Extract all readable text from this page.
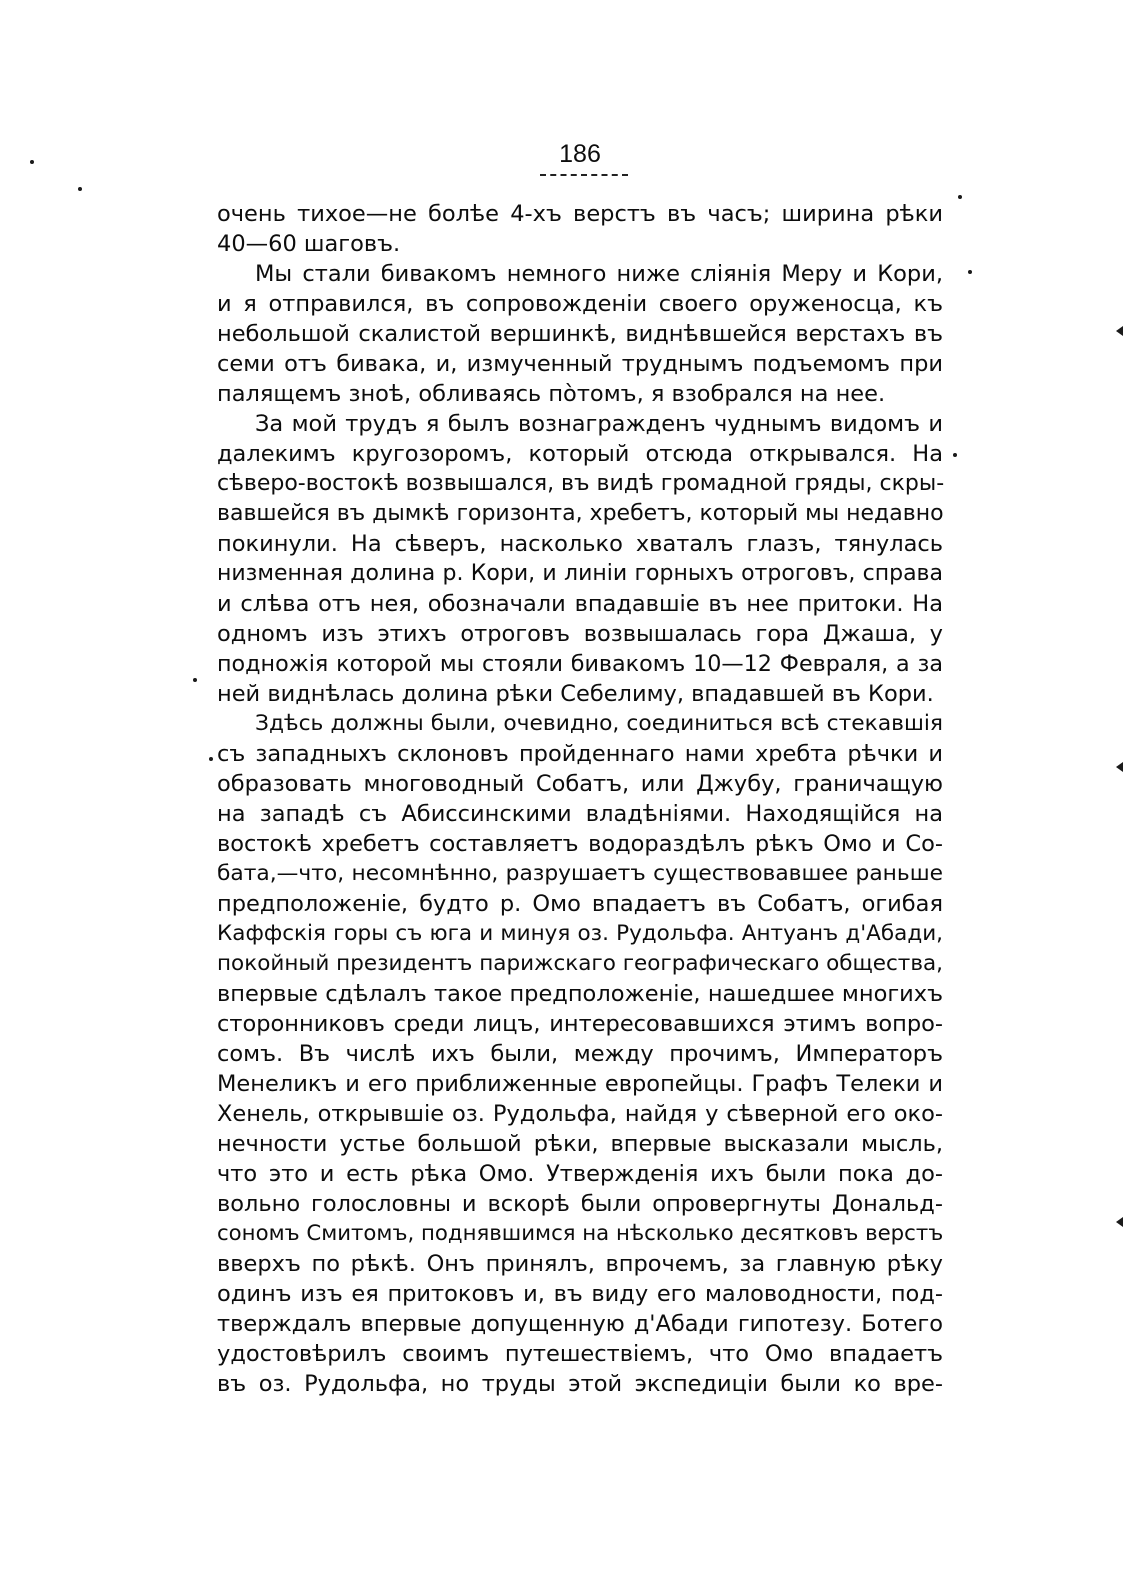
186
очень тихое—не болѣе 4-хъ верстъ въ часъ; ширина рѣки
40—60 шаговъ.
Мы стали бивакомъ немного ниже сліянія Меру и Кори,
и я отправился, въ сопровожденіи своего оруженосца, къ
небольшой скалистой вершинкѣ, виднѣвшейся верстахъ въ
семи отъ бивака, и, измученный труднымъ подъемомъ при
палящемъ зноѣ, обливаясь пòтомъ, я взобрался на нее.
За мой трудъ я былъ вознагражденъ чуднымъ видомъ и
далекимъ кругозоромъ, который отсюда открывался. На
сѣверо-востокѣ возвышался, въ видѣ громадной гряды, скры-
вавшейся въ дымкѣ горизонта, хребетъ, который мы недавно
покинули. На сѣверъ, насколько хваталъ глазъ, тянулась
низменная долина р. Кори, и линіи горныхъ отроговъ, справа
и слѣва отъ нея, обозначали впадавшіе въ нее притоки. На
одномъ изъ этихъ отроговъ возвышалась гора Джаша, у
подножія которой мы стояли бивакомъ 10—12 Февраля, а за
ней виднѣлась долина рѣки Себелиму, впадавшей въ Кори.
Здѣсь должны были, очевидно, соединиться всѣ стекавшія
съ западныхъ склоновъ пройденнаго нами хребта рѣчки и
образовать многоводный Собатъ, или Джубу, граничащую
на западѣ съ Абиссинскими владѣніями. Находящійся на
востокѣ хребетъ составляетъ водораздѣлъ рѣкъ Омо и Со-
бата,—что, несомнѣнно, разрушаетъ существовавшее раньше
предположеніе, будто р. Омо впадаетъ въ Собатъ, огибая
Каффскія горы съ юга и минуя оз. Рудольфа. Антуанъ д'Абади,
покойный президентъ парижскаго географическаго общества,
впервые сдѣлалъ такое предположеніе, нашедшее многихъ
сторонниковъ среди лицъ, интересовавшихся этимъ вопро-
сомъ. Въ числѣ ихъ были, между прочимъ, Императоръ
Менеликъ и его приближенные европейцы. Графъ Телеки и
Хенель, открывшіе оз. Рудольфа, найдя у сѣверной его око-
нечности устье большой рѣки, впервые высказали мысль,
что это и есть рѣка Омо. Утвержденія ихъ были пока до-
вольно голословны и вскорѣ были опровергнуты Дональд-
сономъ Смитомъ, поднявшимся на нѣсколько десятковъ верстъ
вверхъ по рѣкѣ. Онъ принялъ, впрочемъ, за главную рѣку
одинъ изъ ея притоковъ и, въ виду его маловодности, под-
тверждалъ впервые допущенную д'Абади гипотезу. Ботего
удостовѣрилъ своимъ путешествіемъ, что Омо впадаетъ
въ оз. Рудольфа, но труды этой экспедиціи были ко вре-
